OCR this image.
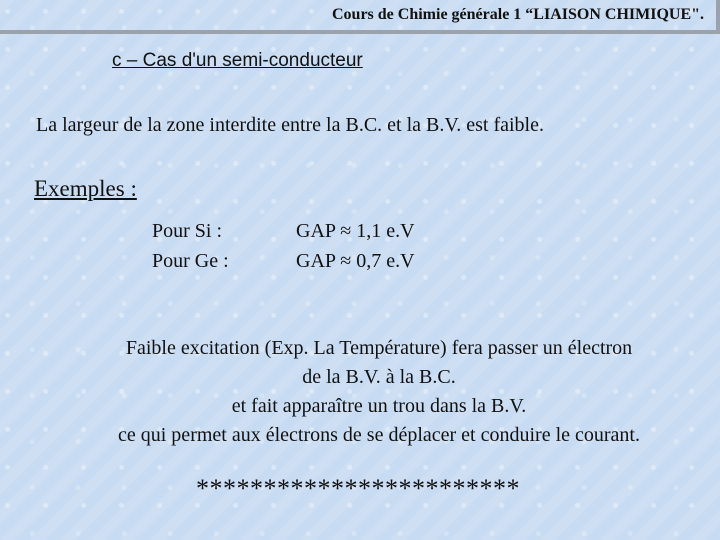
Cours de Chimie générale 1 “LIAISON CHIMIQUE".
c – Cas d'un semi-conducteur
La largeur de la zone interdite entre la B.C. et la B.V. est faible.
Exemples :
Pour Si :	GAP ≈ 1,1 e.V
Pour Ge :	GAP ≈ 0,7 e.V
Faible excitation (Exp. La Température) fera passer un électron
de la B.V. à la B.C.
et fait apparaître un trou dans la B.V.
ce qui permet aux électrons de se déplacer et conduire le courant.
************************
